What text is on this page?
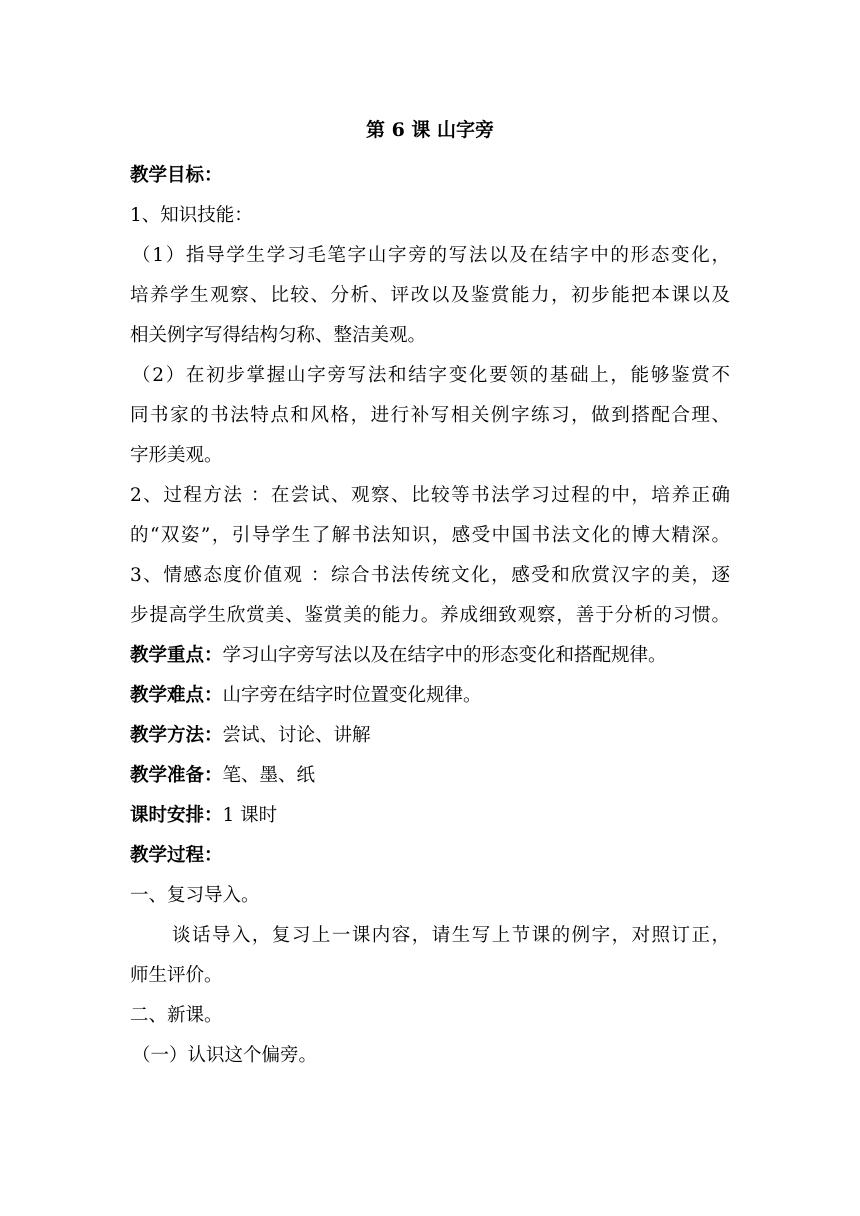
第 6 课 山字旁
教学目标：
1、知识技能：
（1）指导学生学习毛笔字山字旁的写法以及在结字中的形态变化，
培养学生观察、比较、分析、评改以及鉴赏能力，初步能把本课以及
相关例字写得结构匀称、整洁美观。
（2）在初步掌握山字旁写法和结字变化要领的基础上，能够鉴赏不
同书家的书法特点和风格，进行补写相关例字练习，做到搭配合理、
字形美观。
2、过程方法 ：在尝试、观察、比较等书法学习过程的中，培养正确
的“双姿”，引导学生了解书法知识，感受中国书法文化的博大精深。
3、情感态度价值观 ：综合书法传统文化，感受和欣赏汉字的美，逐
步提高学生欣赏美、鉴赏美的能力。养成细致观察，善于分析的习惯。
教学重点：学习山字旁写法以及在结字中的形态变化和搭配规律。
教学难点：山字旁在结字时位置变化规律。
教学方法：尝试、讨论、讲解
教学准备：笔、墨、纸
课时安排：1 课时
教学过程：
一、复习导入。
谈话导入，复习上一课内容，请生写上节课的例字，对照订正，
师生评价。
二、新课。
（一）认识这个偏旁。
